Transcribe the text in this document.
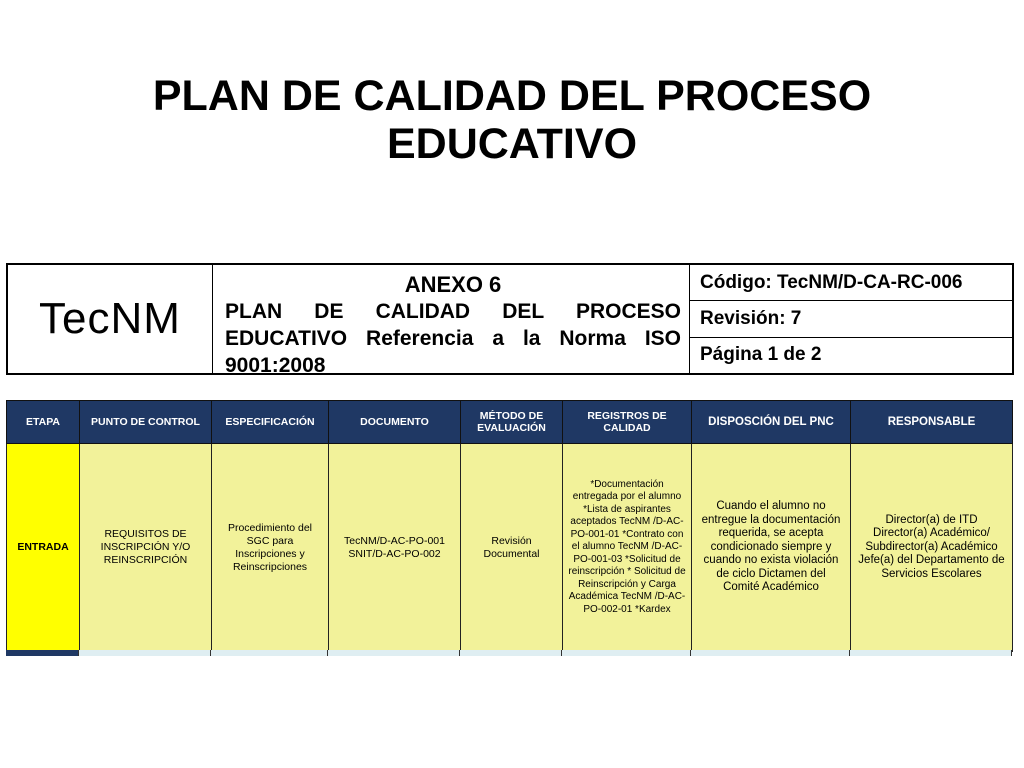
PLAN DE CALIDAD DEL PROCESO
EDUCATIVO
TecNM
ANEXO 6
PLAN DE CALIDAD DEL PROCESO EDUCATIVO Referencia a la Norma ISO 9001:2008
Código: TecNM/D-CA-RC-006
Revisión: 7
Página 1 de 2
ETAPA	PUNTO DE CONTROL	ESPECIFICACIÓN	DOCUMENTO	MÉTODO DE EVALUACIÓN	REGISTROS DE CALIDAD	DISPOSCIÓN DEL PNC	RESPONSABLE
ENTRADA	REQUISITOS DE INSCRIPCIÓN Y/O REINSCRIPCIÓN	Procedimiento del SGC para Inscripciones y Reinscripciones	TecNM/D-AC-PO-001 SNIT/D-AC-PO-002	Revisión Documental	*Documentación entregada por el alumno *Lista de aspirantes aceptados TecNM /D-AC-PO-001-01 *Contrato con el alumno TecNM /D-AC-PO-001-03 *Solicitud de reinscripción * Solicitud de Reinscripción y Carga Académica TecNM /D-AC-PO-002-01 *Kardex	Cuando el alumno no entregue la documentación requerida, se acepta condicionado siempre y cuando no exista violación de ciclo Dictamen del Comité Académico	Director(a) de ITD Director(a) Académico/ Subdirector(a) Académico Jefe(a) del Departamento de Servicios Escolares
